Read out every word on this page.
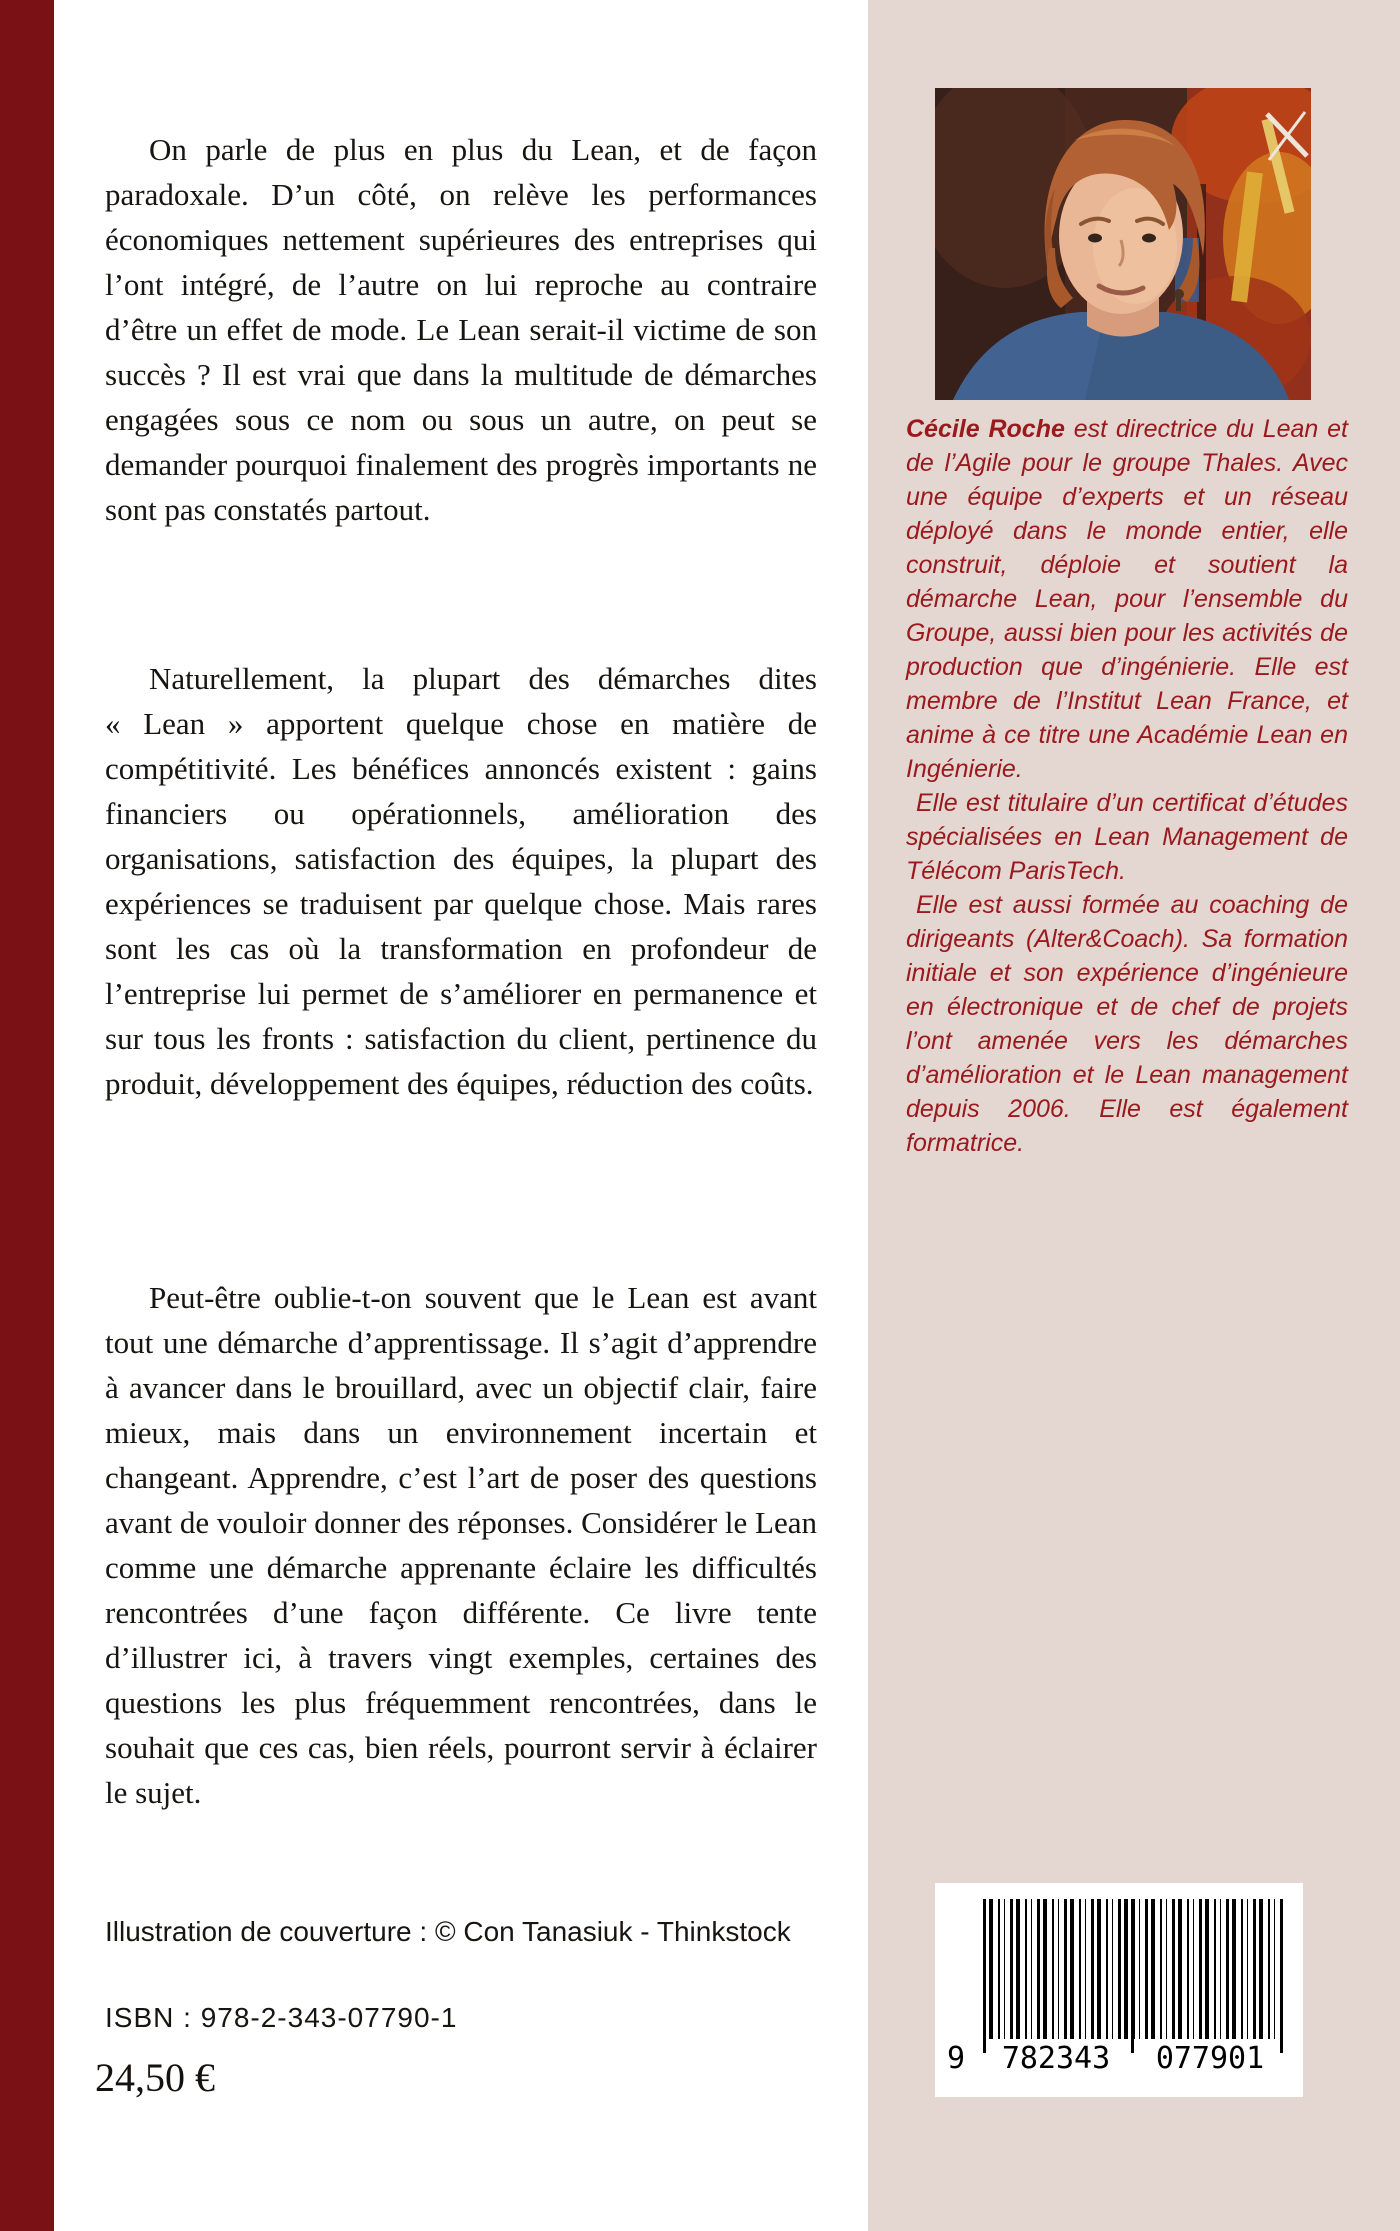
On parle de plus en plus du Lean, et de façon paradoxale. D’un côté, on relève les performances économiques nettement supérieures des entreprises qui l’ont intégré, de l’autre on lui reproche au contraire d’être un effet de mode. Le Lean serait-il victime de son succès ? Il est vrai que dans la multitude de démarches engagées sous ce nom ou sous un autre, on peut se demander pourquoi finalement des progrès importants ne sont pas constatés partout.

Naturellement, la plupart des démarches dites « Lean » apportent quelque chose en matière de compétitivité. Les bénéfices annoncés existent : gains financiers ou opérationnels, amélioration des organisations, satisfaction des équipes, la plupart des expériences se traduisent par quelque chose. Mais rares sont les cas où la transformation en profondeur de l’entreprise lui permet de s’améliorer en permanence et sur tous les fronts : satisfaction du client, pertinence du produit, développement des équipes, réduction des coûts.

Peut-être oublie-t-on souvent que le Lean est avant tout une démarche d’apprentissage. Il s’agit d’apprendre à avancer dans le brouillard, avec un objectif clair, faire mieux, mais dans un environnement incertain et changeant. Apprendre, c’est l’art de poser des questions avant de vouloir donner des réponses. Considérer le Lean comme une démarche apprenante éclaire les difficultés rencontrées d’une façon différente. Ce livre tente d’illustrer ici, à travers vingt exemples, certaines des questions les plus fréquemment rencontrées, dans le souhait que ces cas, bien réels, pourront servir à éclairer le sujet.

Illustration de couverture : © Con Tanasiuk - Thinkstock
ISBN : 978-2-343-07790-1
24,50 €

Cécile Roche est directrice du Lean et de l’Agile pour le groupe Thales. Avec une équipe d’experts et un réseau déployé dans le monde entier, elle construit, déploie et soutient la démarche Lean, pour l’ensemble du Groupe, aussi bien pour les activités de production que d’ingénierie. Elle est membre de l’Institut Lean France, et anime à ce titre une Académie Lean en Ingénierie.

Elle est titulaire d’un certificat d’études spécialisées en Lean Management de Télécom ParisTech.

Elle est aussi formée au coaching de dirigeants (Alter&Coach). Sa formation initiale et son expérience d’ingénieure en électronique et de chef de projets l’ont amenée vers les démarches d’amélioration et le Lean management depuis 2006. Elle est également formatrice.

9	782343	077901
